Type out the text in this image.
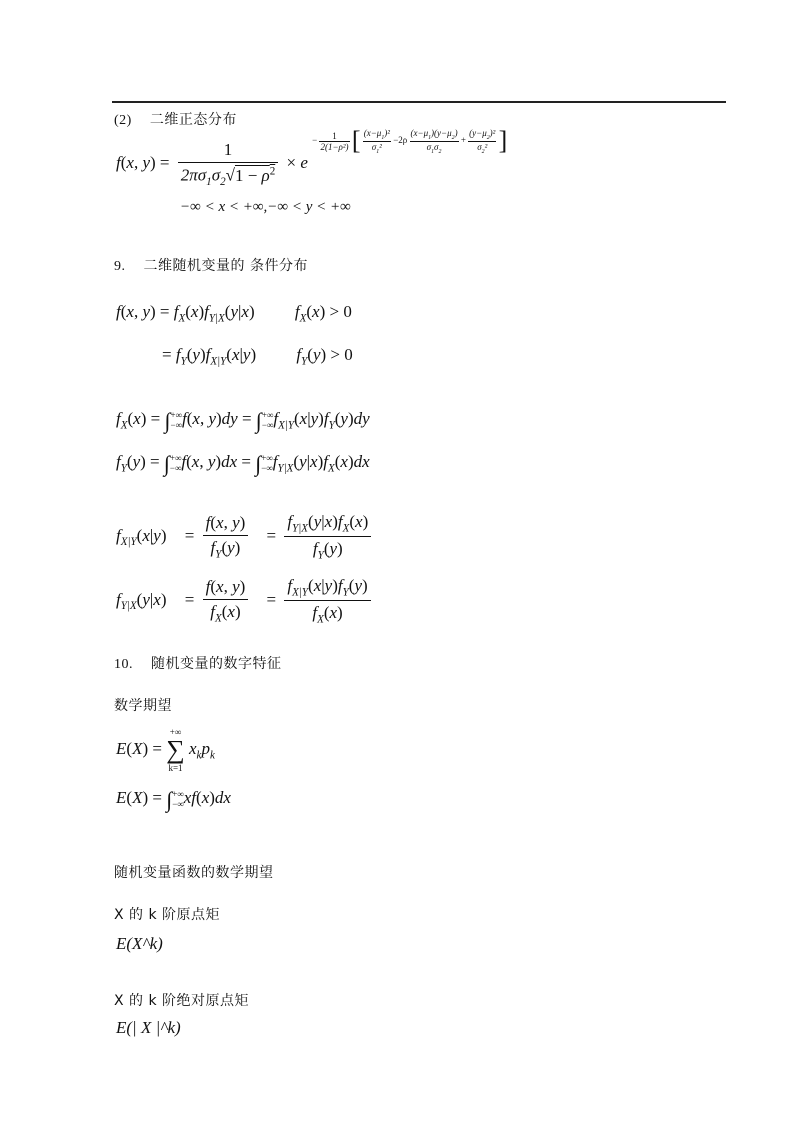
(2) 二维正态分布
f(x, $y) = \frac{1}{2\pi\sigma_1\sigma_2√1 - \rho^2} \times e - \frac{1}{\text{2(1−ρ²)}}$ [ $\frac{(x-\mu_1)^2}{\sigma_1^2} -2\rho \frac{(x-\mu_1)(y-\mu_2)}{\sigma_1\sigma_2} + \frac{(y-\mu_2)^2}{\sigma_2^2}$ ]
−∞ < x < +∞,−∞ < y < +∞
9. 二维随机变量的 条件分布
f(x, $y) = f_X(x)f_{Y|X}(y|x) f_X(x) > 0$
= $f_Y(y)f_{X|Y}(x|y) f_Y(y) > 0$
$f_X(x)$ = ∫ +∞
−∞ f(x, y)dy = ∫ +∞
−∞ $f_{X|Y}(x|y)f_Y(y)dy$
$f_Y(y)$ = ∫ +∞
−∞ f(x, y)dx = ∫ +∞
−∞ $f_{Y|X}(y|x)f_X(x)dx$
$f_{X|Y}(x|y) = \frac{f(x, y)}{f_Y(y)} = \frac{f_{Y|X}(y|x)f_X(x)}{f_Y(y)}$
$f_{Y|X}(y|x) = \frac{f(x, y)}{f_X(x)} = \frac{f_{X|Y}(x|y)f_Y(y)}{f_X(x)}$
10. 随机变量的数字特征
数学期望
E(X) =
+∞
∑
k=1
$x_kp_k$
E(X) = ∫ +∞
−∞ xf(x)dx
随机变量函数的数学期望
X 的 k 阶原点矩
E(X^k)
X 的 k 阶绝对原点矩
E(| X |^k)
